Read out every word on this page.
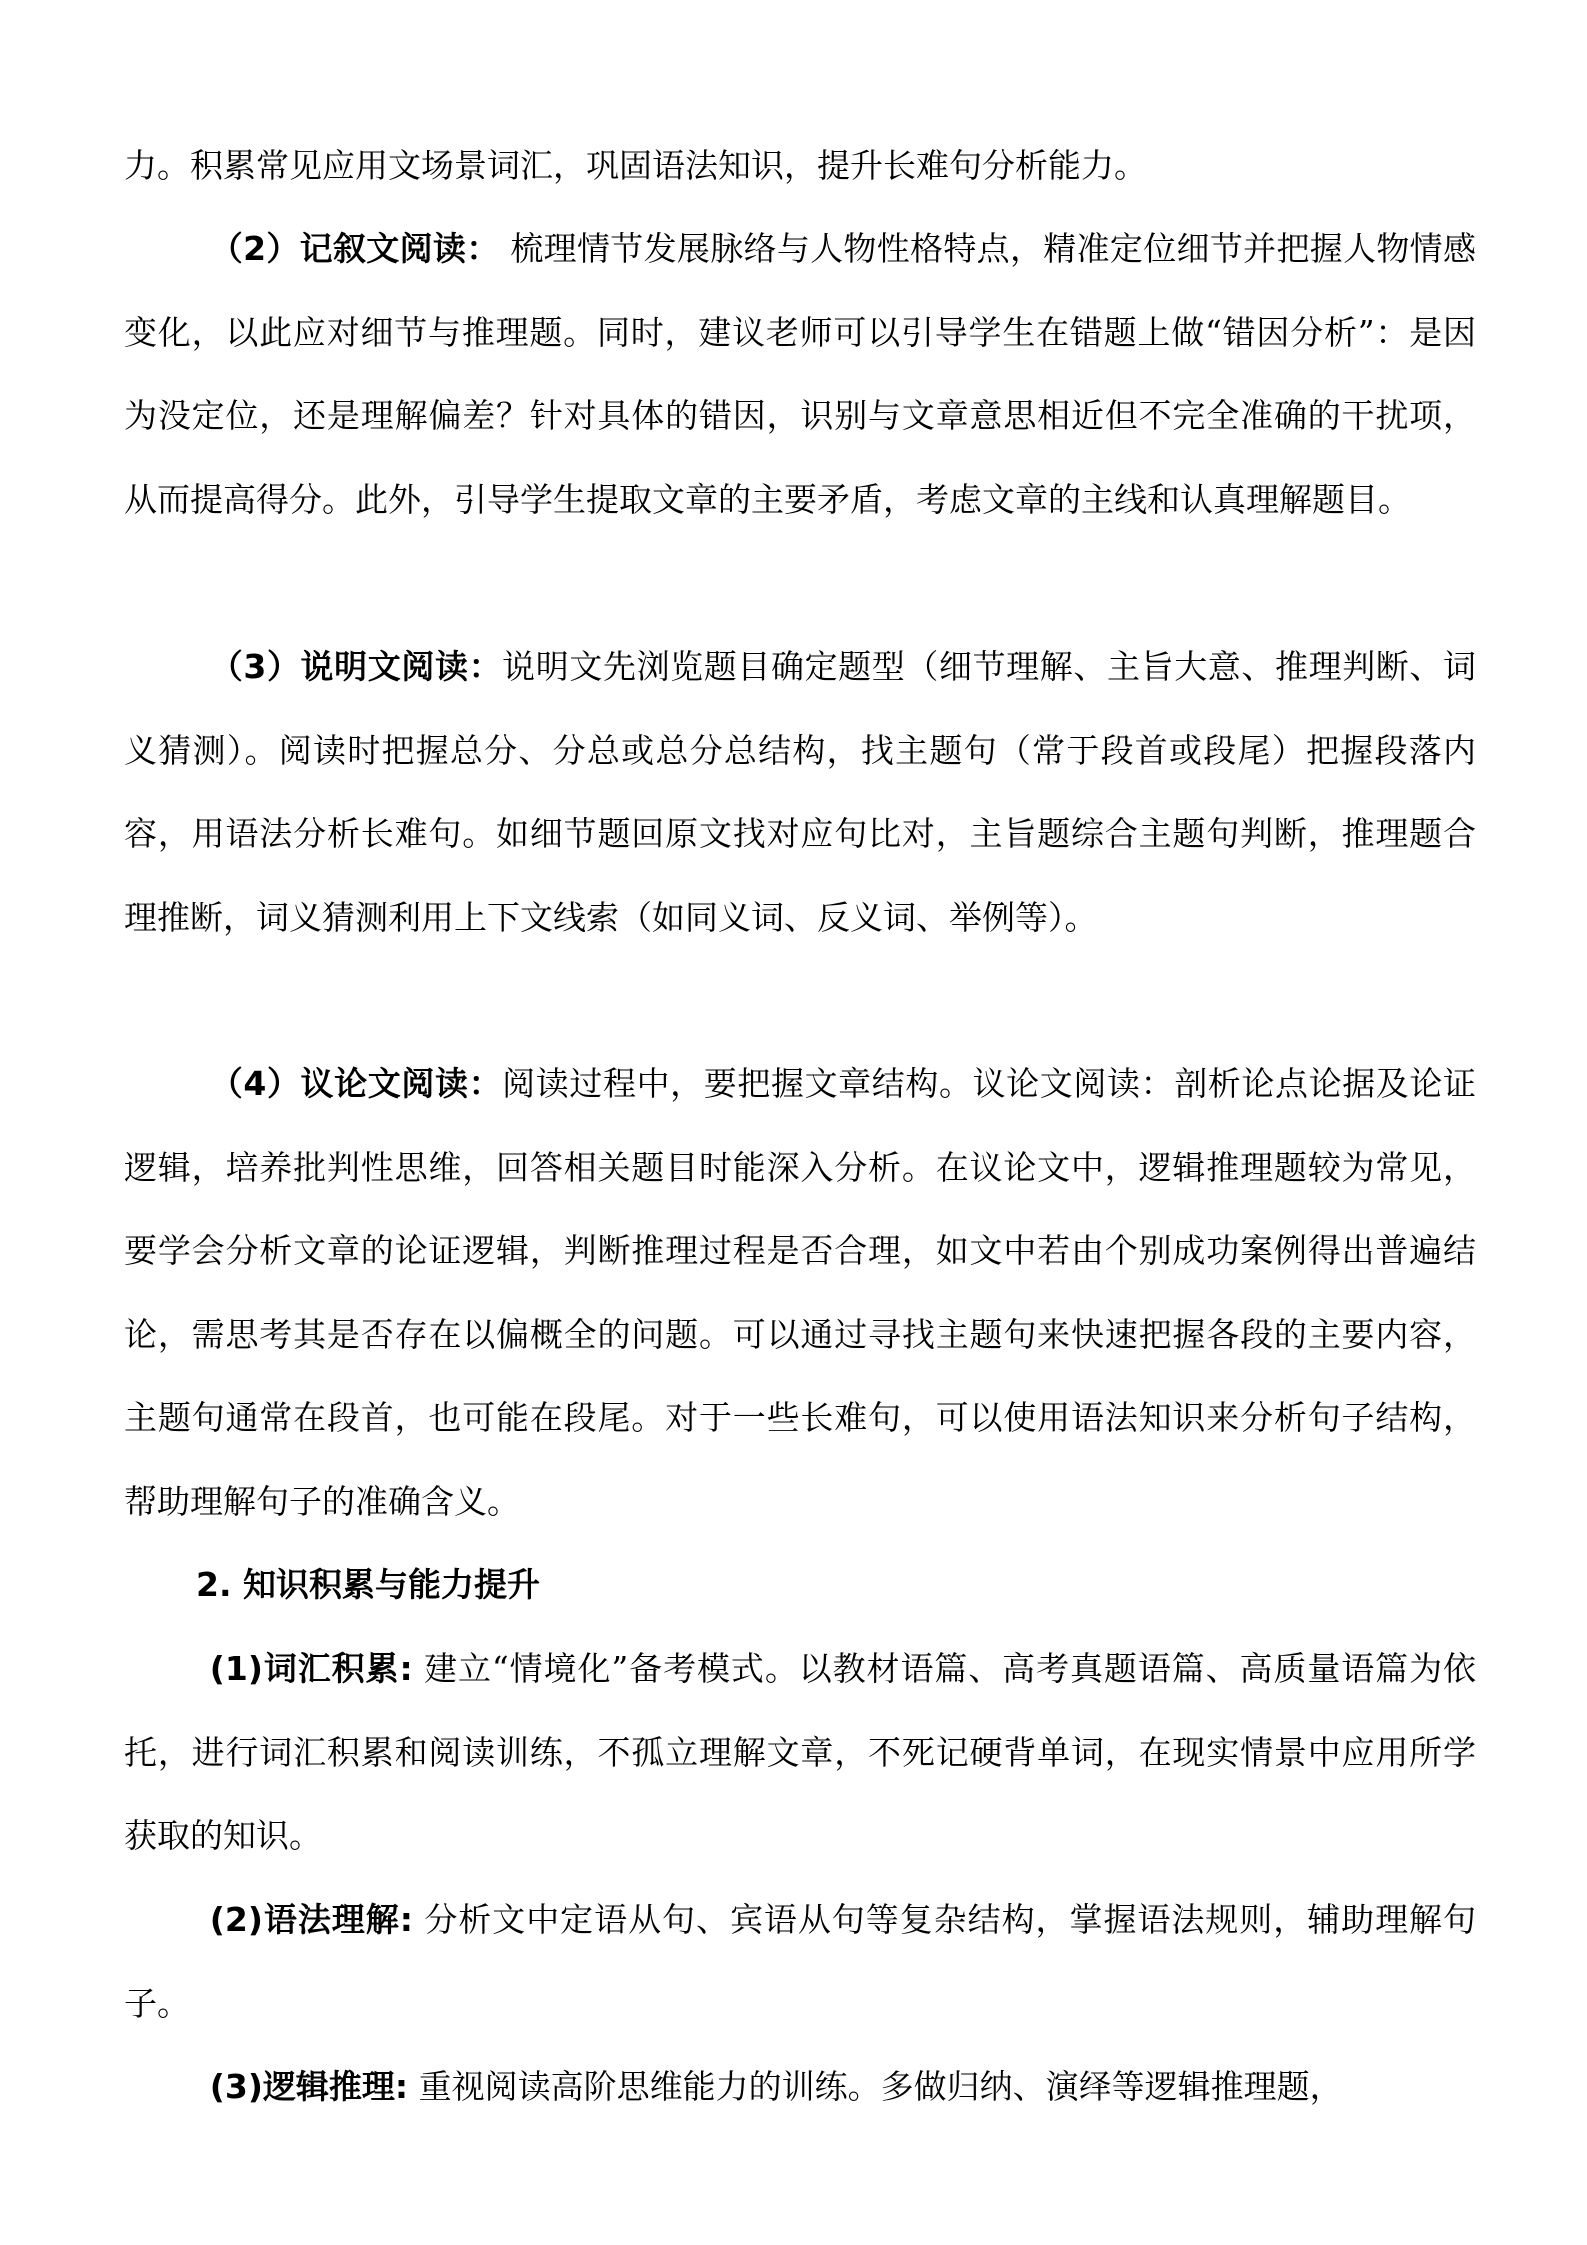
力。积累常见应用文场景词汇，巩固语法知识，提升长难句分析能力。

（2）记叙文阅读： 梳理情节发展脉络与人物性格特点，精准定位细节并把握人物情感变化，以此应对细节与推理题。同时，建议老师可以引导学生在错题上做“错因分析”：是因为没定位，还是理解偏差？针对具体的错因，识别与文章意思相近但不完全准确的干扰项，从而提高得分。此外，引导学生提取文章的主要矛盾，考虑文章的主线和认真理解题目。

（3）说明文阅读：说明文先浏览题目确定题型（细节理解、主旨大意、推理判断、词义猜测）。阅读时把握总分、分总或总分总结构，找主题句（常于段首或段尾）把握段落内容，用语法分析长难句。如细节题回原文找对应句比对，主旨题综合主题句判断，推理题合理推断，词义猜测利用上下文线索（如同义词、反义词、举例等）。

（4）议论文阅读：阅读过程中，要把握文章结构。议论文阅读：剖析论点论据及论证逻辑，培养批判性思维，回答相关题目时能深入分析。在议论文中，逻辑推理题较为常见，要学会分析文章的论证逻辑，判断推理过程是否合理，如文中若由个别成功案例得出普遍结论，需思考其是否存在以偏概全的问题。可以通过寻找主题句来快速把握各段的主要内容，主题句通常在段首，也可能在段尾。对于一些长难句，可以使用语法知识来分析句子结构，帮助理解句子的准确含义。

2. 知识积累与能力提升

(1)词汇积累: 建立“情境化”备考模式。以教材语篇、高考真题语篇、高质量语篇为依托，进行词汇积累和阅读训练，不孤立理解文章，不死记硬背单词，在现实情景中应用所学获取的知识。

(2)语法理解: 分析文中定语从句、宾语从句等复杂结构，掌握语法规则，辅助理解句子。

(3)逻辑推理: 重视阅读高阶思维能力的训练。多做归纳、演绎等逻辑推理题，
